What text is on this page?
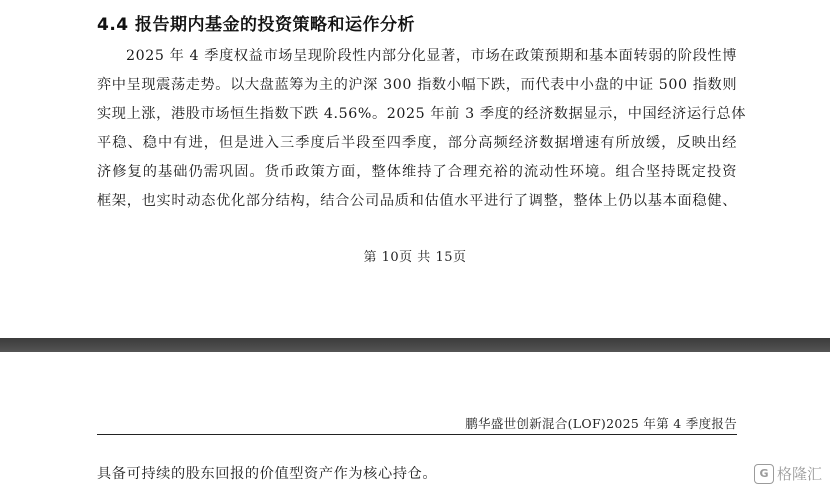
4.4 报告期内基金的投资策略和运作分析
2025 年 4 季度权益市场呈现阶段性内部分化显著，市场在政策预期和基本面转弱的阶段性博
弈中呈现震荡走势。以大盘蓝筹为主的沪深 300 指数小幅下跌，而代表中小盘的中证 500 指数则
实现上涨，港股市场恒生指数下跌 4.56%。2025 年前 3 季度的经济数据显示，中国经济运行总体
平稳、稳中有进，但是进入三季度后半段至四季度，部分高频经济数据增速有所放缓，反映出经
济修复的基础仍需巩固。货币政策方面，整体维持了合理充裕的流动性环境。组合坚持既定投资
框架，也实时动态优化部分结构，结合公司品质和估值水平进行了调整，整体上仍以基本面稳健、
第 10页 共 15页
鹏华盛世创新混合(LOF)2025 年第 4 季度报告
具备可持续的股东回报的价值型资产作为核心持仓。	G 格隆汇
